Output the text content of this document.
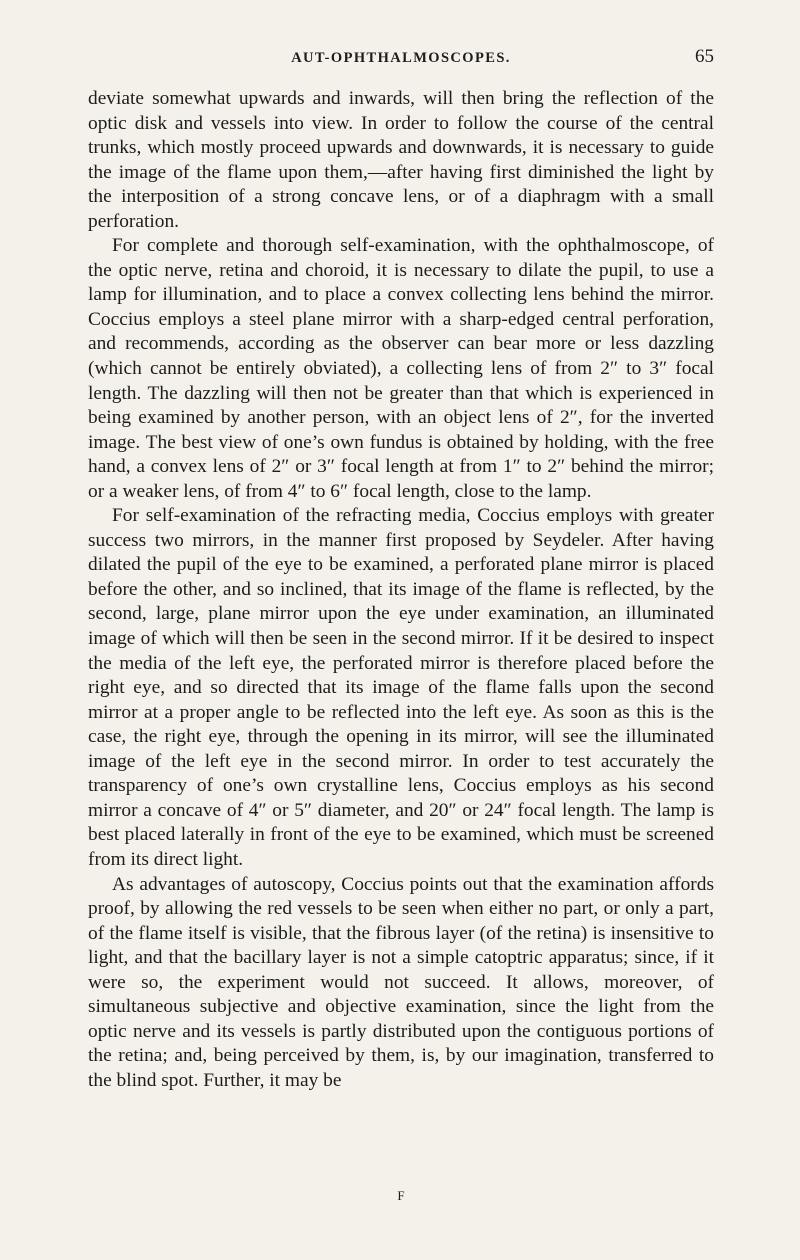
AUT-OPHTHALMOSCOPES.	65

deviate somewhat upwards and inwards, will then bring the reflection of the optic disk and vessels into view. In order to follow the course of the central trunks, which mostly proceed upwards and downwards, it is necessary to guide the image of the flame upon them,—after having first diminished the light by the interposition of a strong concave lens, or of a diaphragm with a small perforation.

For complete and thorough self-examination, with the ophthalmoscope, of the optic nerve, retina and choroid, it is necessary to dilate the pupil, to use a lamp for illumination, and to place a convex collecting lens behind the mirror. Coccius employs a steel plane mirror with a sharp-edged central perforation, and recommends, according as the observer can bear more or less dazzling (which cannot be entirely obviated), a collecting lens of from 2″ to 3″ focal length. The dazzling will then not be greater than that which is experienced in being examined by another person, with an object lens of 2″, for the inverted image. The best view of one’s own fundus is obtained by holding, with the free hand, a convex lens of 2″ or 3″ focal length at from 1″ to 2″ behind the mirror; or a weaker lens, of from 4″ to 6″ focal length, close to the lamp.

For self-examination of the refracting media, Coccius employs with greater success two mirrors, in the manner first proposed by Seydeler. After having dilated the pupil of the eye to be examined, a perforated plane mirror is placed before the other, and so inclined, that its image of the flame is reflected, by the second, large, plane mirror upon the eye under examination, an illuminated image of which will then be seen in the second mirror. If it be desired to inspect the media of the left eye, the perforated mirror is therefore placed before the right eye, and so directed that its image of the flame falls upon the second mirror at a proper angle to be reflected into the left eye. As soon as this is the case, the right eye, through the opening in its mirror, will see the illuminated image of the left eye in the second mirror. In order to test accurately the transparency of one’s own crystalline lens, Coccius employs as his second mirror a concave of 4″ or 5″ diameter, and 20″ or 24″ focal length. The lamp is best placed laterally in front of the eye to be examined, which must be screened from its direct light.

As advantages of autoscopy, Coccius points out that the examination affords proof, by allowing the red vessels to be seen when either no part, or only a part, of the flame itself is visible, that the fibrous layer (of the retina) is insensitive to light, and that the bacillary layer is not a simple catoptric apparatus; since, if it were so, the experiment would not succeed. It allows, moreover, of simultaneous subjective and objective examination, since the light from the optic nerve and its vessels is partly distributed upon the contiguous portions of the retina; and, being perceived by them, is, by our imagination, transferred to the blind spot. Further, it may be

F
